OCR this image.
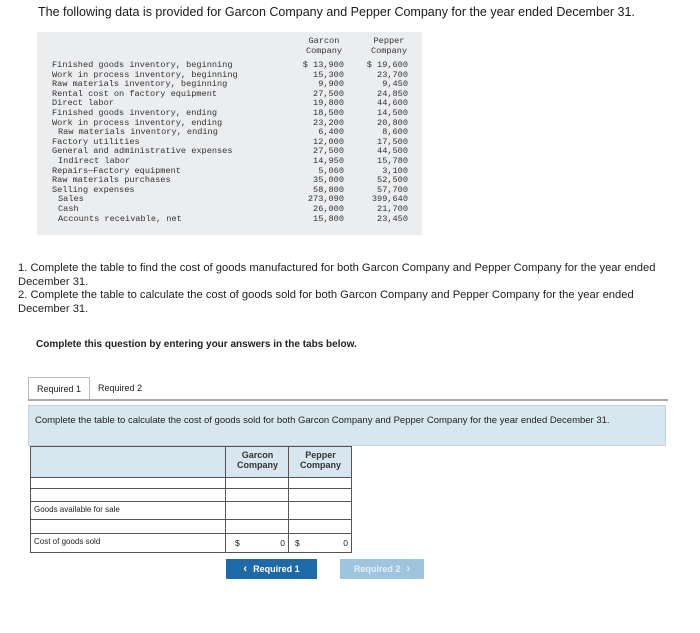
The following data is provided for Garcon Company and Pepper Company for the year ended December 31.
Garcon
Company
Pepper
Company
Finished goods inventory, beginning	$ 13,900	$ 19,600
Work in process inventory, beginning	15,300	23,700
Raw materials inventory, beginning	9,900	9,450
Rental cost on factory equipment	27,500	24,850
Direct labor	19,800	44,600
Finished goods inventory, ending	18,500	14,500
Work in process inventory, ending	23,200	20,800
Raw materials inventory, ending	6,400	8,600
Factory utilities	12,000	17,500
General and administrative expenses	27,500	44,500
Indirect labor	14,950	15,780
Repairs—Factory equipment	5,060	3,100
Raw materials purchases	35,000	52,500
Selling expenses	58,800	57,700
Sales	273,090	399,640
Cash	26,000	21,700
Accounts receivable, net	15,800	23,450

1. Complete the table to find the cost of goods manufactured for both Garcon Company and Pepper Company for the year ended December 31.

2. Complete the table to calculate the cost of goods sold for both Garcon Company and Pepper Company for the year ended December 31.

Complete this question by entering your answers in the tabs below.
Required 1	Required 2
Complete the table to calculate the cost of goods sold for both Garcon Company and Pepper Company for the year ended December 31.
Garcon Company
Pepper Company
Goods available for sale
Cost of goods sold	$	0 $	0
‹ Required 1	Required 2 ›
